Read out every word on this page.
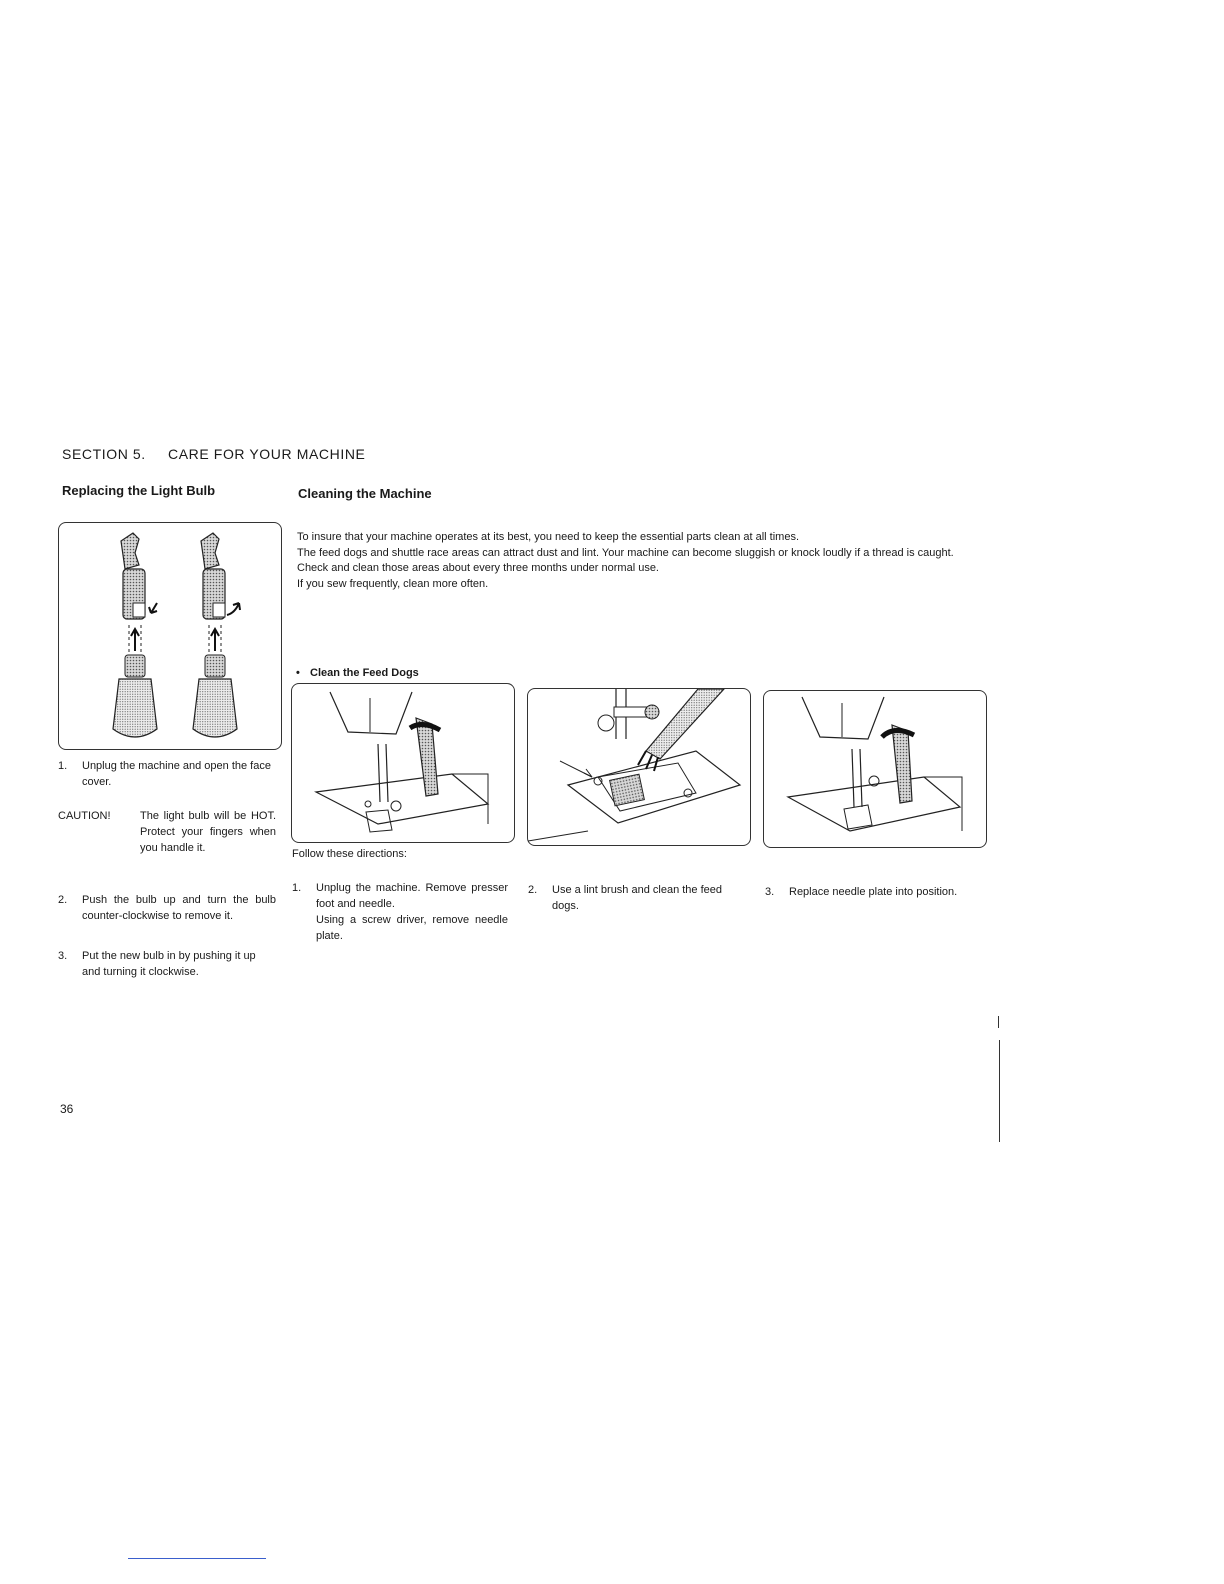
SECTION 5. CARE FOR YOUR MACHINE
Replacing the Light Bulb	Cleaning the Machine
1. Unplug the machine and open the face cover.
CAUTION!	The light bulb will be HOT. Protect your fingers when you handle it.
2. Push the bulb up and turn the bulb counter-clockwise to remove it.
3. Put the new bulb in by pushing it up and turning it clockwise.

To insure that your machine operates at its best, you need to keep the essential parts clean at all times.

The feed dogs and shuttle race areas can attract dust and lint. Your machine can become sluggish or knock loudly if a thread is caught.

Check and clean those areas about every three months under normal use.

If you sew frequently, clean more often.

• Clean the Feed Dogs
Follow these directions:
1. Unplug the machine. Remove presser foot and needle.
Using a screw driver, remove needle plate.
2. Use a lint brush and clean the feed dogs.
3. Replace needle plate into position.
36
